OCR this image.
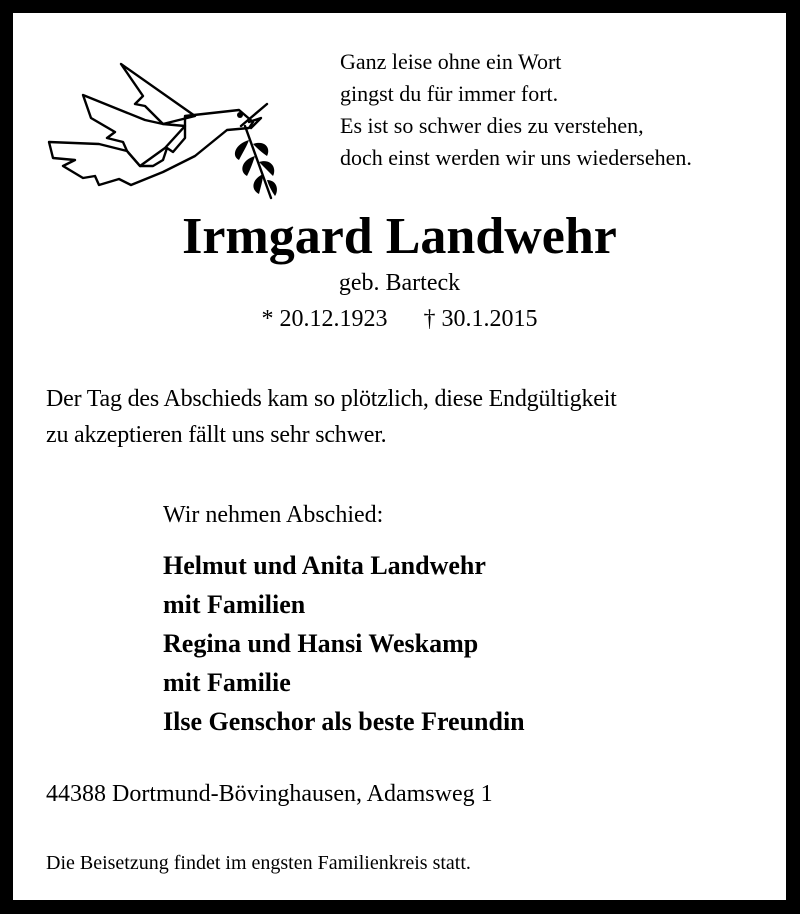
Ganz leise ohne ein Wort
gingst du für immer fort.
Es ist so schwer dies zu verstehen,
doch einst werden wir uns wiedersehen.
Irmgard Landwehr
geb. Barteck
* 20.12.1923 † 30.1.2015
Der Tag des Abschieds kam so plötzlich, diese Endgültigkeit
zu akzeptieren fällt uns sehr schwer.
Wir nehmen Abschied:
Helmut und Anita Landwehr
mit Familien
Regina und Hansi Weskamp
mit Familie
Ilse Genschor als beste Freundin
44388 Dortmund-Bövinghausen, Adamsweg 1
Die Beisetzung findet im engsten Familienkreis statt.
